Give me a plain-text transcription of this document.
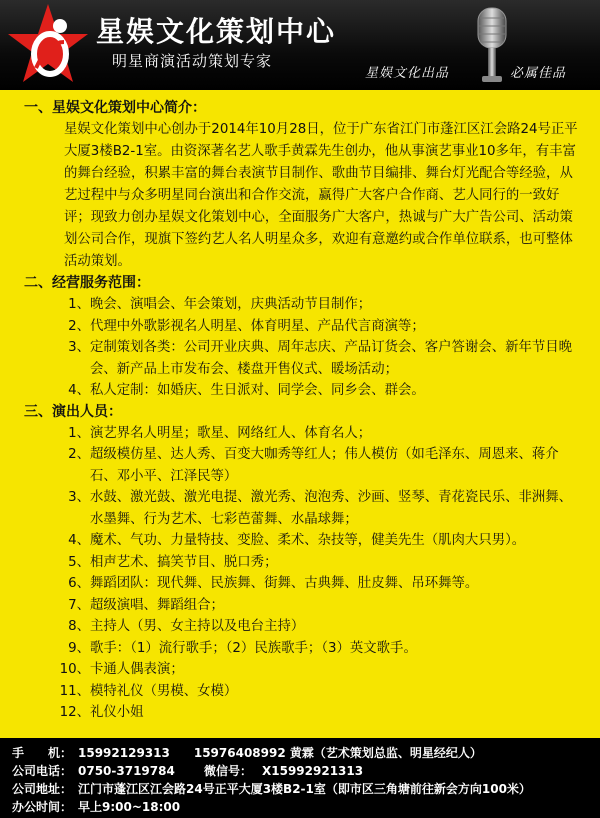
星娱文化策划中心
明星商演活动策划专家
星娱文化出品	必属佳品
一、星娱文化策划中心简介：

星娱文化策划中心创办于2014年10月28日，位于广东省江门市蓬江区江会路24号正平大厦3楼B2-1室。由资深著名艺人歌手黄霖先生创办，他从事演艺事业10多年，有丰富的舞台经验，积累丰富的舞台表演节目制作、歌曲节目编排、舞台灯光配合等经验，从艺过程中与众多明星同台演出和合作交流，赢得广大客户合作商、艺人同行的一致好评；现致力创办星娱文化策划中心，全面服务广大客户，热诚与广大广告公司、活动策划公司合作，现旗下签约艺人名人明星众多，欢迎有意邀约或合作单位联系，也可整体活动策划。

二、经营服务范围：
1、 晚会、演唱会、年会策划，庆典活动节目制作；
2、 代理中外歌影视名人明星、体育明星、产品代言商演等；
3、 定制策划各类：公司开业庆典、周年志庆、产品订货会、客户答谢会、新年节目晚会、新产品上市发布会、楼盘开售仪式、暖场活动；
4、 私人定制：如婚庆、生日派对、同学会、同乡会、群会。
三、演出人员：
1、 演艺界名人明星；歌星、网络红人、体育名人；
2、 超级模仿星、达人秀、百变大咖秀等红人；伟人模仿（如毛泽东、周恩来、蒋介石、邓小平、江泽民等）
3、 水鼓、激光鼓、激光电提、激光秀、泡泡秀、沙画、竖琴、青花瓷民乐、非洲舞、水墨舞、行为艺术、七彩芭蕾舞、水晶球舞；
4、 魔术、气功、力量特技、变脸、柔术、杂技等，健美先生（肌肉大只男）。
5、 相声艺术、搞笑节目、脱口秀；
6、 舞蹈团队：现代舞、民族舞、街舞、古典舞、肚皮舞、吊环舞等。
7、 超级演唱、舞蹈组合；
8、 主持人（男、女主持以及电台主持）
9、 歌手：（1）流行歌手；（2）民族歌手；（3）英文歌手。
10、 卡通人偶表演；
11、 模特礼仪（男模、女模）
12、 礼仪小姐
手　　机： 15992129313　　15976408992 黄霖（艺术策划总监、明星经纪人）
公司电话： 0750-3719784 微信号： X15992921313
公司地址： 江门市蓬江区江会路24号正平大厦3楼B2-1室（即市区三角塘前往新会方向100米）
办公时间： 早上9:00~18:00
